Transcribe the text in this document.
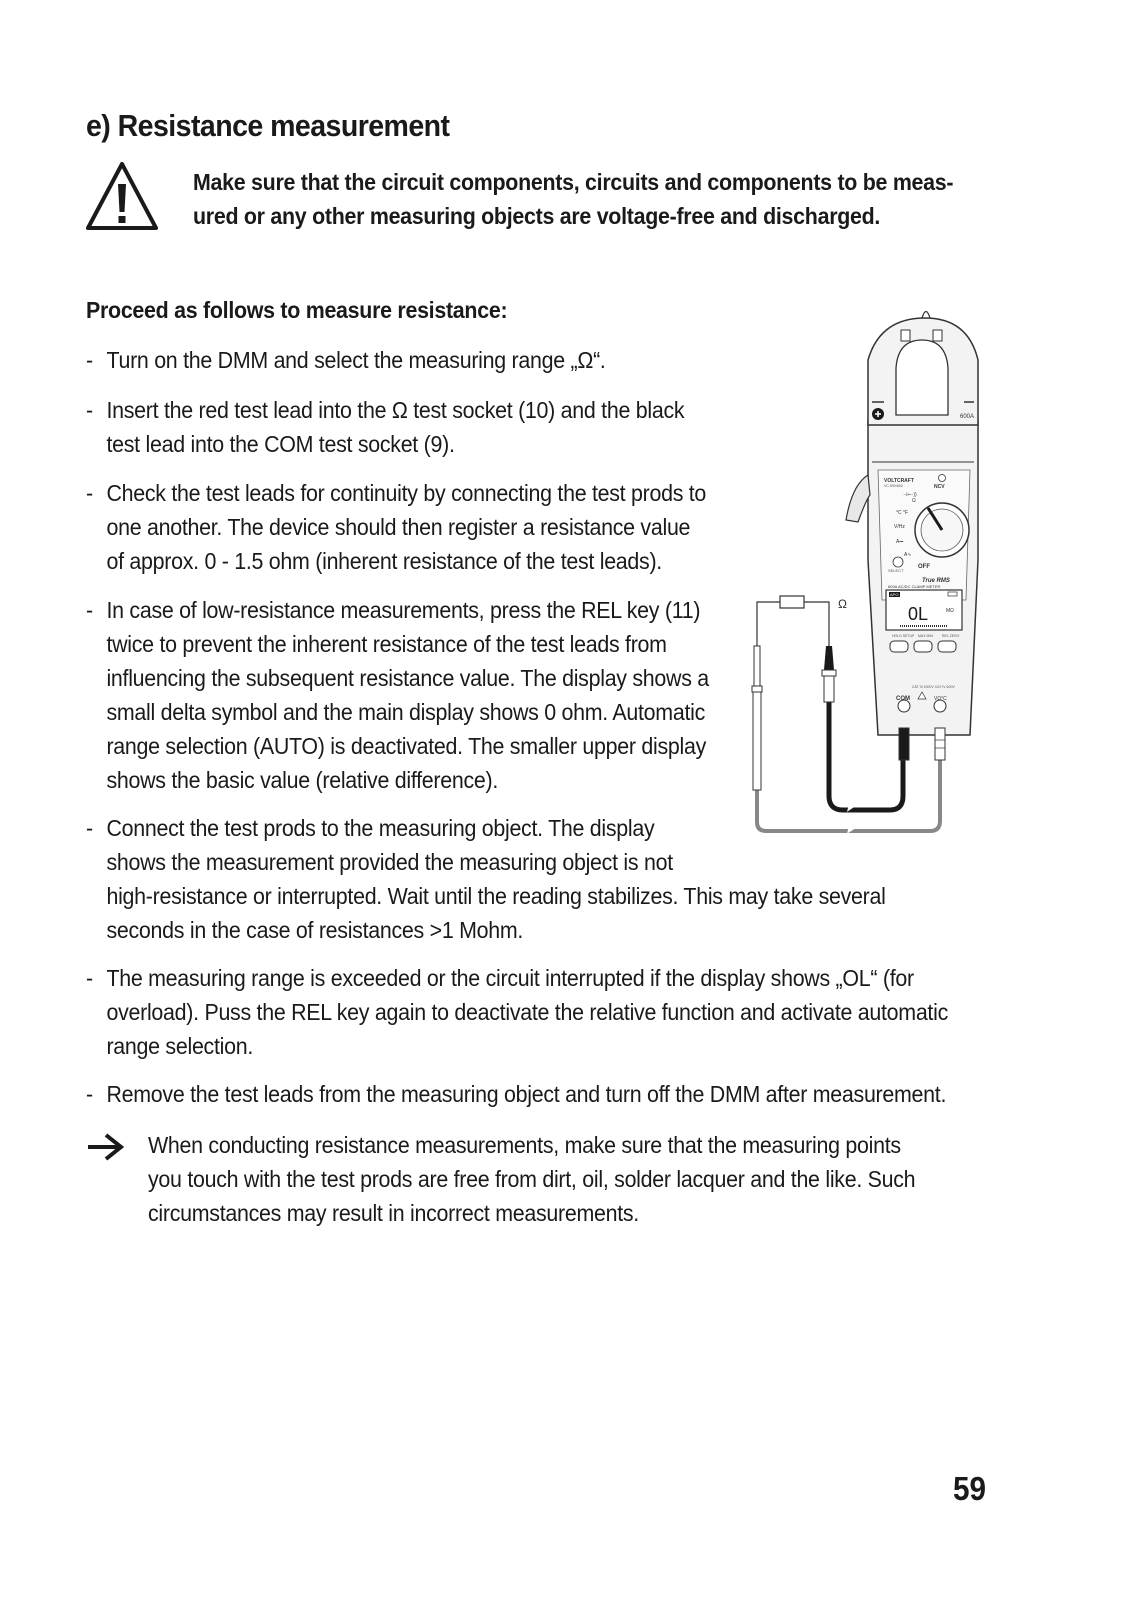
e) Resistance measurement

Make sure that the circuit components, circuits and components to be meas- ured or any other measuring objects are voltage-free and discharged.

Proceed as follows to measure resistance:
- Turn on the DMM and select the measuring range „Ω“.
- Insert the red test lead into the Ω test socket (10) and the black
test lead into the COM test socket (9).
- Check the test leads for continuity by connecting the test prods to
one another. The device should then register a resistance value
of approx. 0 - 1.5 ohm (inherent resistance of the test leads).
- In case of low-resistance measurements, press the REL key (11)
twice to prevent the inherent resistance of the test leads from
influencing the subsequent resistance value. The display shows a
small delta symbol and the main display shows 0 ohm. Automatic
range selection (AUTO) is deactivated. The smaller upper display
shows the basic value (relative difference).
- Connect the test prods to the measuring object. The display
shows the measurement provided the measuring object is not
high-resistance or interrupted. Wait until the reading stabilizes. This may take several
seconds in the case of resistances >1 Mohm.
- The measuring range is exceeded or the circuit interrupted if the display shows „OL“ (for
overload). Puss the REL key again to deactivate the relative function and activate automatic
range selection.
- Remove the test leads from the measuring object and turn off the DMM after measurement.

When conducting resistance measurements, make sure that the measuring points
you touch with the test prods are free from dirt, oil, solder lacquer and the like. Such
circumstances may result in incorrect measurements.

59
Ω
600A
VOLTCRAFT
VC-590/600	NCV
⊣⊢·))
Ω
°C °F
V/Hz
A⎓
A∿
SELECT
OFF
True RMS
600A AC/DC CLAMP METER
APO
0L	MΩ
HOLD SETUP MAX MIN	REL ZERO
CAT III 1000V CAT IV 600V
COM	VΩ°C
